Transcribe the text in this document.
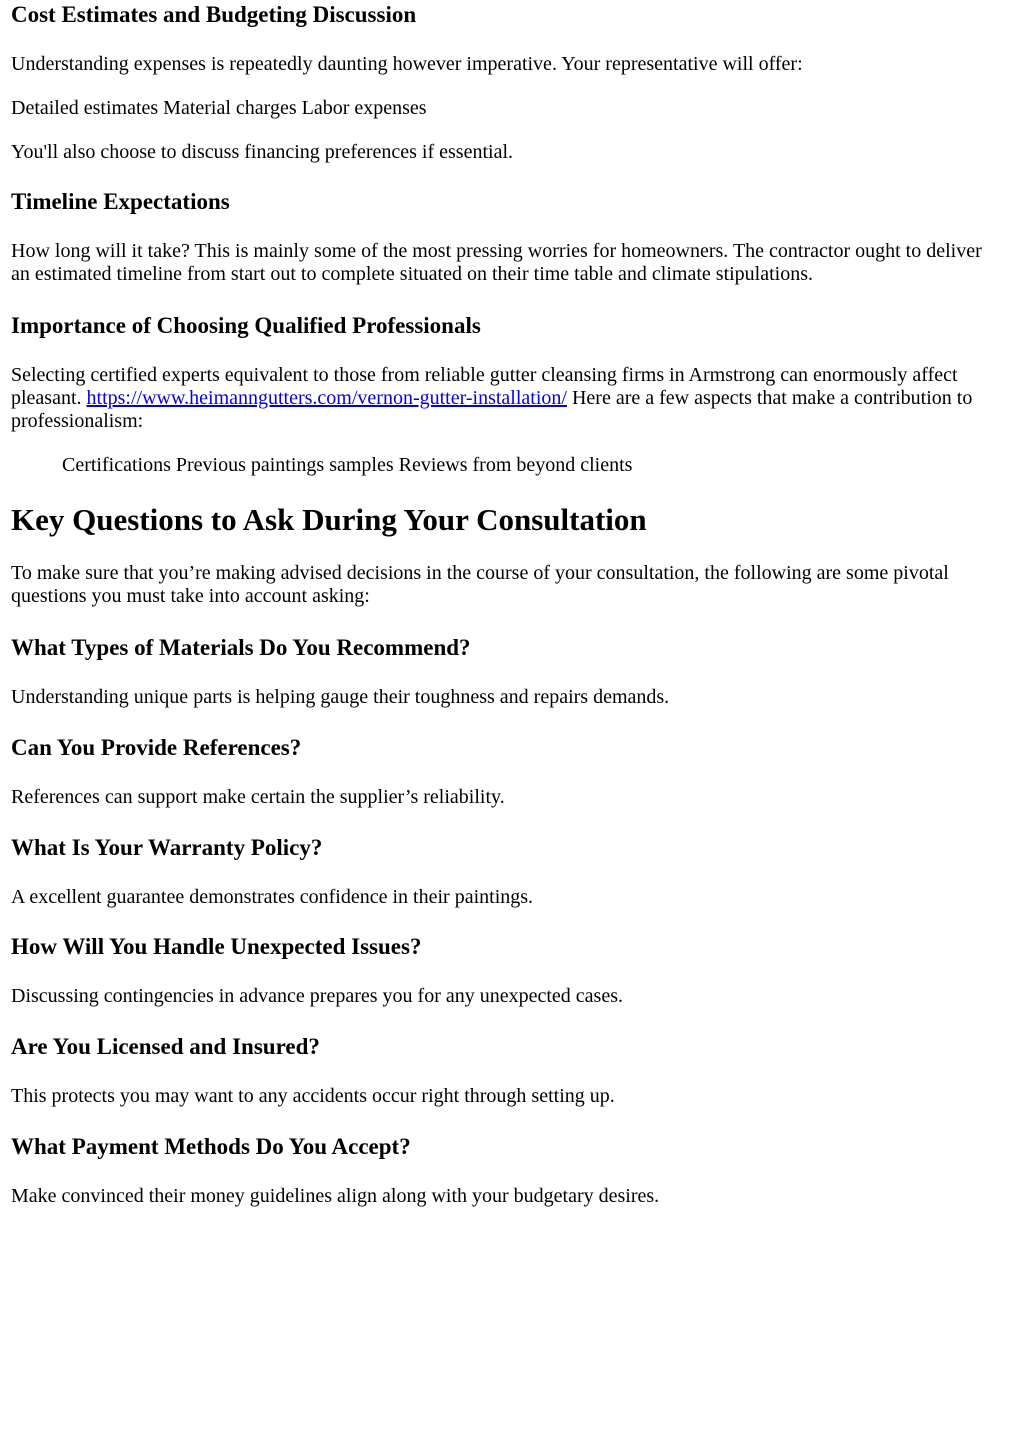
Cost Estimates and Budgeting Discussion

Understanding expenses is repeatedly daunting however imperative. Your representative will offer:

Detailed estimates Material charges Labor expenses

You'll also choose to discuss financing preferences if essential.

Timeline Expectations

How long will it take? This is mainly some of the most pressing worries for homeowners. The contractor ought to deliver

an estimated timeline from start out to complete situated on their time table and climate stipulations.

Importance of Choosing Qualified Professionals

Selecting certified experts equivalent to those from reliable gutter cleansing firms in Armstrong can enormously affect

pleasant. https://www.heimanngutters.com/vernon-gutter-installation/ Here are a few aspects that make a contribution to

professionalism:

Certifications Previous paintings samples Reviews from beyond clients

Key Questions to Ask During Your Consultation

To make sure that you’re making advised decisions in the course of your consultation, the following are some pivotal

questions you must take into account asking:

What Types of Materials Do You Recommend?

Understanding unique parts is helping gauge their toughness and repairs demands.

Can You Provide References?

References can support make certain the supplier’s reliability.

What Is Your Warranty Policy?

A excellent guarantee demonstrates confidence in their paintings.

How Will You Handle Unexpected Issues?

Discussing contingencies in advance prepares you for any unexpected cases.

Are You Licensed and Insured?

This protects you may want to any accidents occur right through setting up.

What Payment Methods Do You Accept?

Make convinced their money guidelines align along with your budgetary desires.
